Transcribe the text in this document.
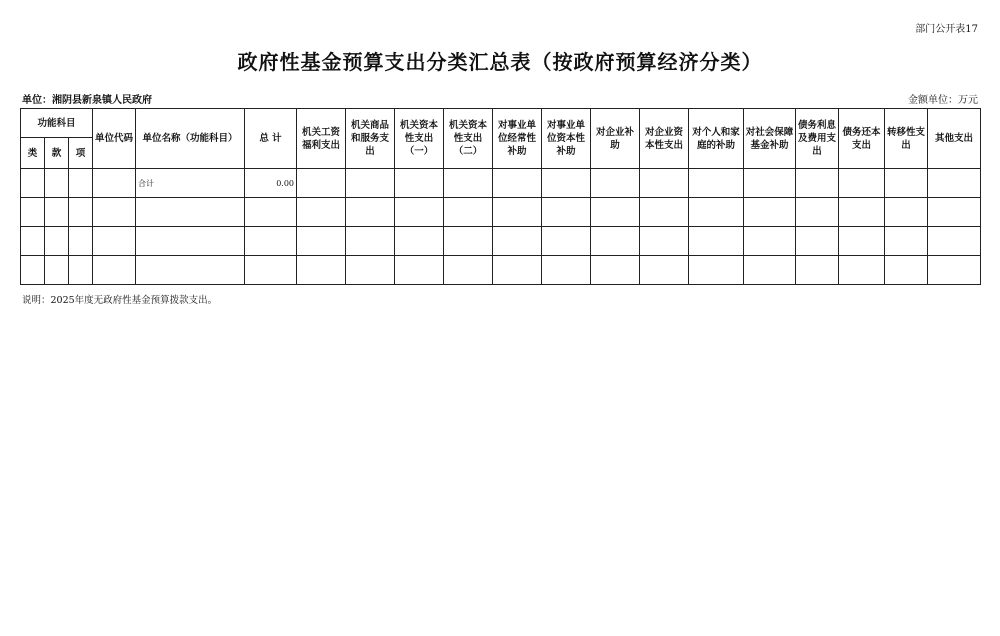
部门公开表17
政府性基金预算支出分类汇总表（按政府预算经济分类）
单位：湘阴县新泉镇人民政府	金额单位：万元
功能科目			单位代码	单位名称（功能科目）	总 计	机关工资福利支出	机关商品和服务支出	机关资本性支出（一）	机关资本性支出（二）	对事业单位经常性补助	对事业单位资本性补助	对企业补助	对企业资本性支出	对个人和家庭的补助	对社会保障基金补助	债务利息及费用支出	债务还本支出	转移性支出	其他支出
类	款	项																	
				合计	0.00														

说明：2025年度无政府性基金预算拨款支出。
